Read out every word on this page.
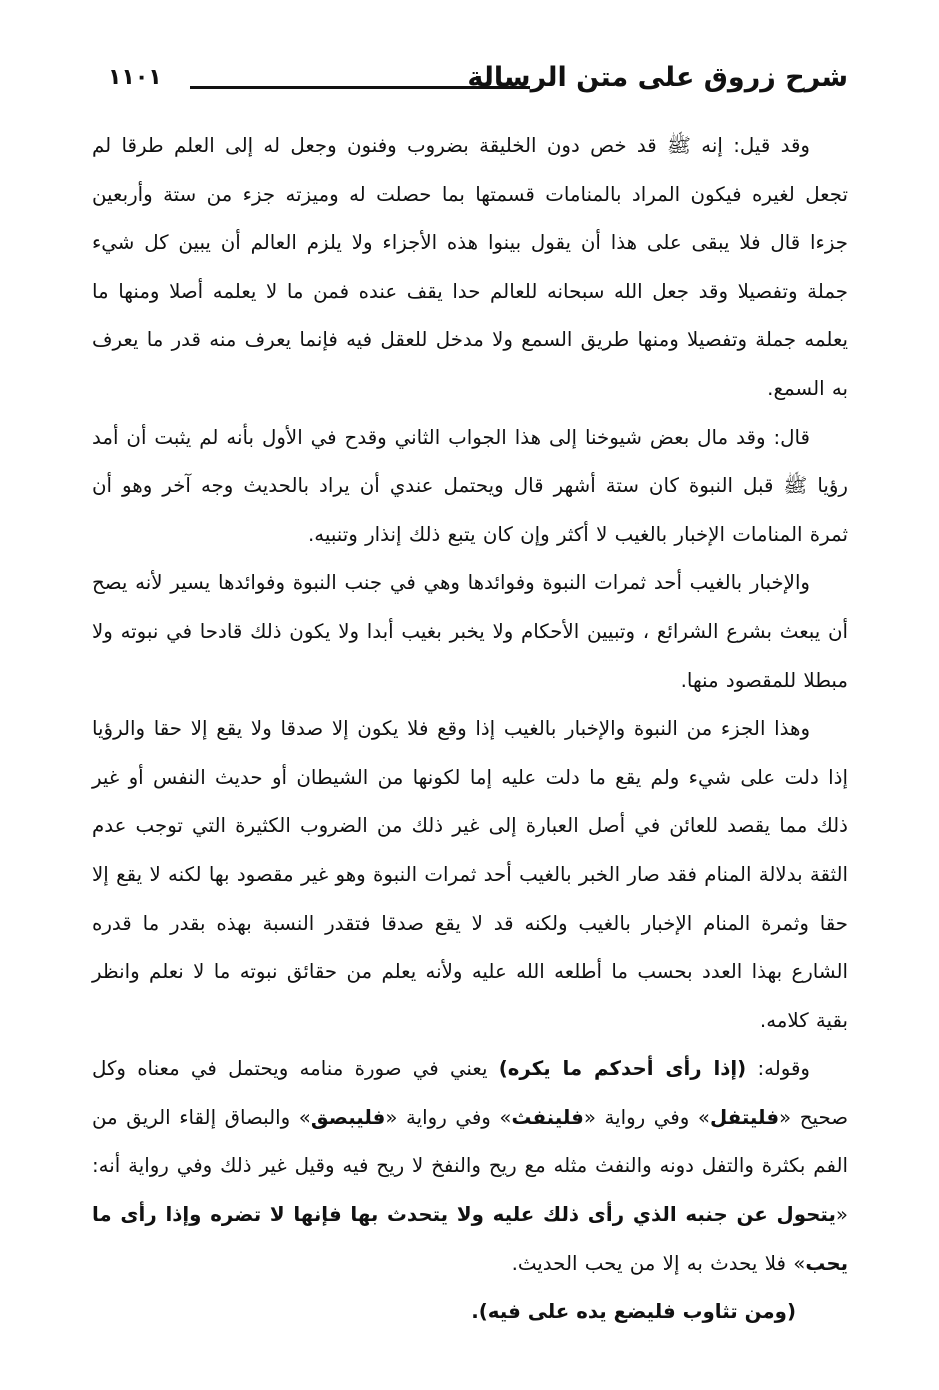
١١٠١	شرح زروق على متن الرسالة

وقد قيل: إنه ﷺ قد خص دون الخليقة بضروب وفنون وجعل له إلى العلم طرقا لم تجعل لغيره فيكون المراد بالمنامات قسمتها بما حصلت له وميزته جزء من ستة وأربعين جزءا قال فلا يبقى على هذا أن يقول بينوا هذه الأجزاء ولا يلزم العالم أن يبين كل شيء جملة وتفصيلا وقد جعل الله سبحانه للعالم حدا يقف عنده فمن ما لا يعلمه أصلا ومنها ما يعلمه جملة وتفصيلا ومنها طريق السمع ولا مدخل للعقل فيه فإنما يعرف منه قدر ما يعرف به السمع.

قال: وقد مال بعض شيوخنا إلى هذا الجواب الثاني وقدح في الأول بأنه لم يثبت أن أمد رؤيا ﷺ قبل النبوة كان ستة أشهر قال ويحتمل عندي أن يراد بالحديث وجه آخر وهو أن ثمرة المنامات الإخبار بالغيب لا أكثر وإن كان يتبع ذلك إنذار وتنبيه.

والإخبار بالغيب أحد ثمرات النبوة وفوائدها وهي في جنب النبوة وفوائدها يسير لأنه يصح أن يبعث بشرع الشرائع ، وتبيين الأحكام ولا يخبر بغيب أبدا ولا يكون ذلك قادحا في نبوته ولا مبطلا للمقصود منها.

وهذا الجزء من النبوة والإخبار بالغيب إذا وقع فلا يكون إلا صدقا ولا يقع إلا حقا والرؤيا إذا دلت على شيء ولم يقع ما دلت عليه إما لكونها من الشيطان أو حديث النفس أو غير ذلك مما يقصد للعائن في أصل العبارة إلى غير ذلك من الضروب الكثيرة التي توجب عدم الثقة بدلالة المنام فقد صار الخبر بالغيب أحد ثمرات النبوة وهو غير مقصود بها لكنه لا يقع إلا حقا وثمرة المنام الإخبار بالغيب ولكنه قد لا يقع صدقا فتقدر النسبة بهذه بقدر ما قدره الشارع بهذا العدد بحسب ما أطلعه الله عليه ولأنه يعلم من حقائق نبوته ما لا نعلم وانظر بقية كلامه.

وقوله: (إذا رأى أحدكم ما يكره) يعني في صورة منامه ويحتمل في معناه وكل صحيح «فليتفل» وفي رواية «فلينفث» وفي رواية «فليبصق» والبصاق إلقاء الريق من الفم بكثرة والتفل دونه والنفث مثله مع ريح والنفخ لا ريح فيه وقيل غير ذلك وفي رواية أنه: «يتحول عن جنبه الذي رأى ذلك عليه ولا يتحدث بها فإنها لا تضره وإذا رأى ما يحب» فلا يحدث به إلا من يحب الحديث.

(ومن تثاوب فليضع يده على فيه).
